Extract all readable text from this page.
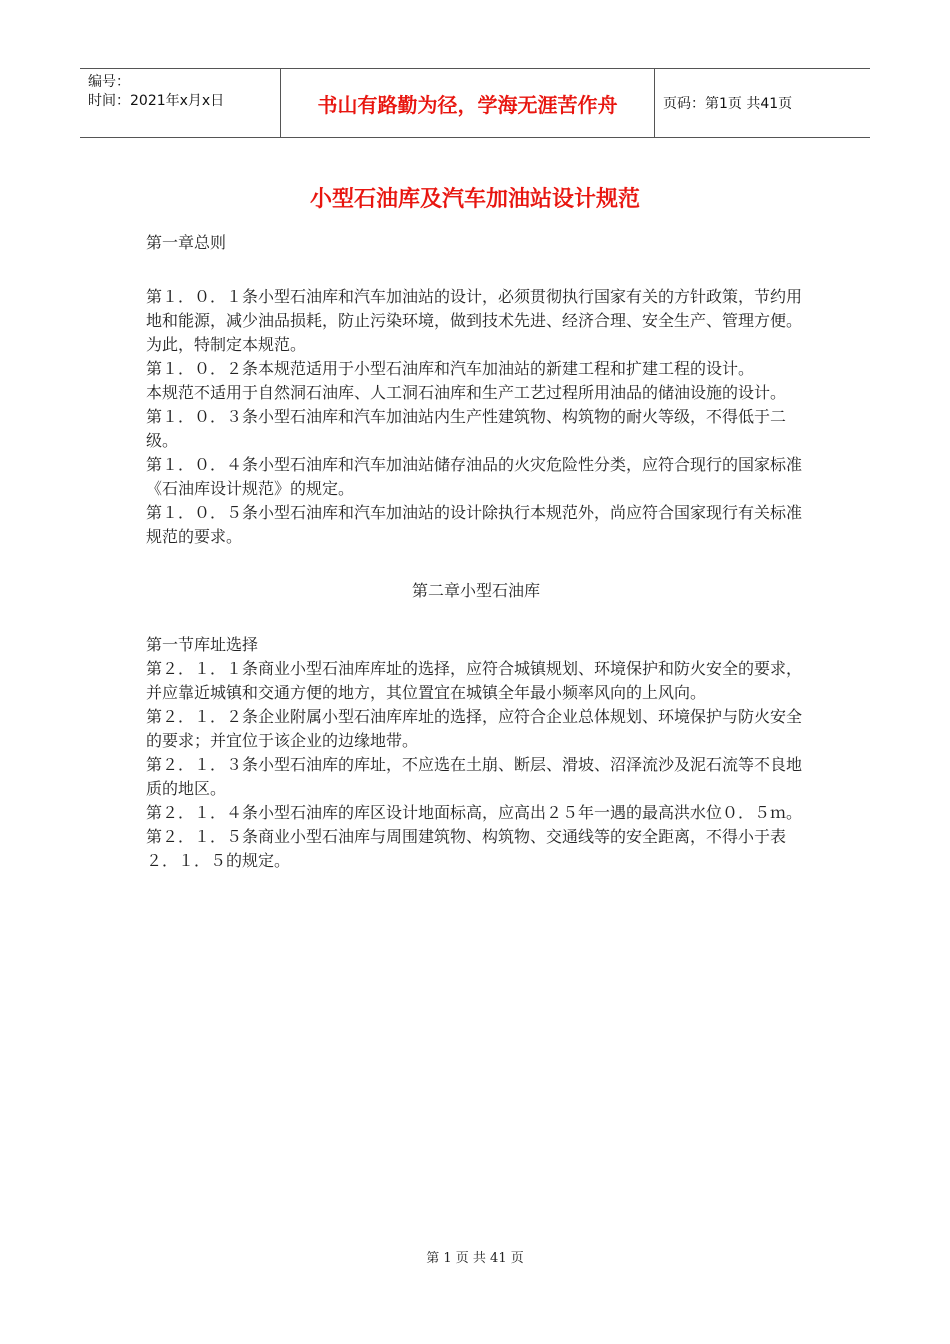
编号：
时间：2021年x月x日	书山有路勤为径，学海无涯苦作舟	页码：第1页 共41页
小型石油库及汽车加油站设计规范

第一章总则

第１．０．１条小型石油库和汽车加油站的设计，必须贯彻执行国家有关的方针政策，节约用地和能源，减少油品损耗，防止污染环境，做到技术先进、经济合理、安全生产、管理方便。为此，特制定本规范。

第１．０．２条本规范适用于小型石油库和汽车加油站的新建工程和扩建工程的设计。

本规范不适用于自然洞石油库、人工洞石油库和生产工艺过程所用油品的储油设施的设计。

第１．０．３条小型石油库和汽车加油站内生产性建筑物、构筑物的耐火等级，不得低于二级。

第１．０．４条小型石油库和汽车加油站储存油品的火灾危险性分类，应符合现行的国家标准《石油库设计规范》的规定。

第１．０．５条小型石油库和汽车加油站的设计除执行本规范外，尚应符合国家现行有关标准规范的要求。

第二章小型石油库

第一节库址选择

第２．１．１条商业小型石油库库址的选择，应符合城镇规划、环境保护和防火安全的要求，并应靠近城镇和交通方便的地方，其位置宜在城镇全年最小频率风向的上风向。

第２．１．２条企业附属小型石油库库址的选择，应符合企业总体规划、环境保护与防火安全的要求；并宜位于该企业的边缘地带。

第２．１．３条小型石油库的库址，不应选在土崩、断层、滑坡、沼泽流沙及泥石流等不良地质的地区。

第２．１．４条小型石油库的库区设计地面标高，应高出２５年一遇的最高洪水位０．５ｍ。

第２．１．５条商业小型石油库与周围建筑物、构筑物、交通线等的安全距离，不得小于表２．１．５的规定。

第 1 页 共 41 页
